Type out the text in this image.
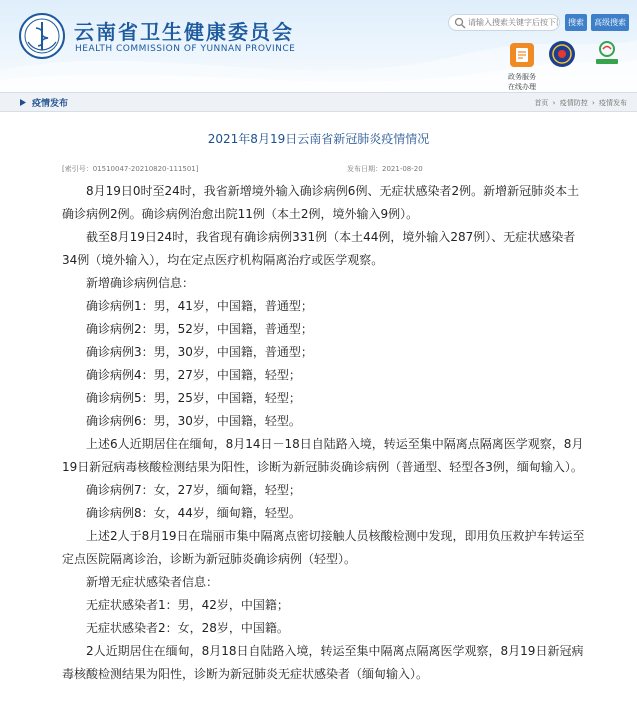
云南省卫生健康委员会
HEALTH COMMISSION OF YUNNAN PROVINCE
请输入搜索关键字后按下回车
搜索	高级搜索
政务服务
在线办理
疫情发布	首页 › 疫情防控 › 疫情发布
2021年8月19日云南省新冠肺炎疫情情况
[索引号：01510047-20210820-111501]	发布日期：2021-08-20

8月19日0时至24时，我省新增境外输入确诊病例6例、无症状感染者2例。新增新冠肺炎本土确诊病例2例。确诊病例治愈出院11例（本土2例，境外输入9例）。

截至8月19日24时，我省现有确诊病例331例（本土44例，境外输入287例）、无症状感染者34例（境外输入），均在定点医疗机构隔离治疗或医学观察。

新增确诊病例信息：

确诊病例1：男，41岁，中国籍，普通型；

确诊病例2：男，52岁，中国籍，普通型；

确诊病例3：男，30岁，中国籍，普通型；

确诊病例4：男，27岁，中国籍，轻型；

确诊病例5：男，25岁，中国籍，轻型；

确诊病例6：男，30岁，中国籍，轻型。

上述6人近期居住在缅甸，8月14日－18日自陆路入境，转运至集中隔离点隔离医学观察，8月19日新冠病毒核酸检测结果为阳性，诊断为新冠肺炎确诊病例（普通型、轻型各3例，缅甸输入）。

确诊病例7：女，27岁，缅甸籍，轻型；

确诊病例8：女，44岁，缅甸籍，轻型。

上述2人于8月19日在瑞丽市集中隔离点密切接触人员核酸检测中发现，即用负压救护车转运至定点医院隔离诊治，诊断为新冠肺炎确诊病例（轻型）。

新增无症状感染者信息：

无症状感染者1：男，42岁，中国籍；

无症状感染者2：女，28岁，中国籍。

2人近期居住在缅甸，8月18日自陆路入境，转运至集中隔离点隔离医学观察，8月19日新冠病毒核酸检测结果为阳性，诊断为新冠肺炎无症状感染者（缅甸输入）。
